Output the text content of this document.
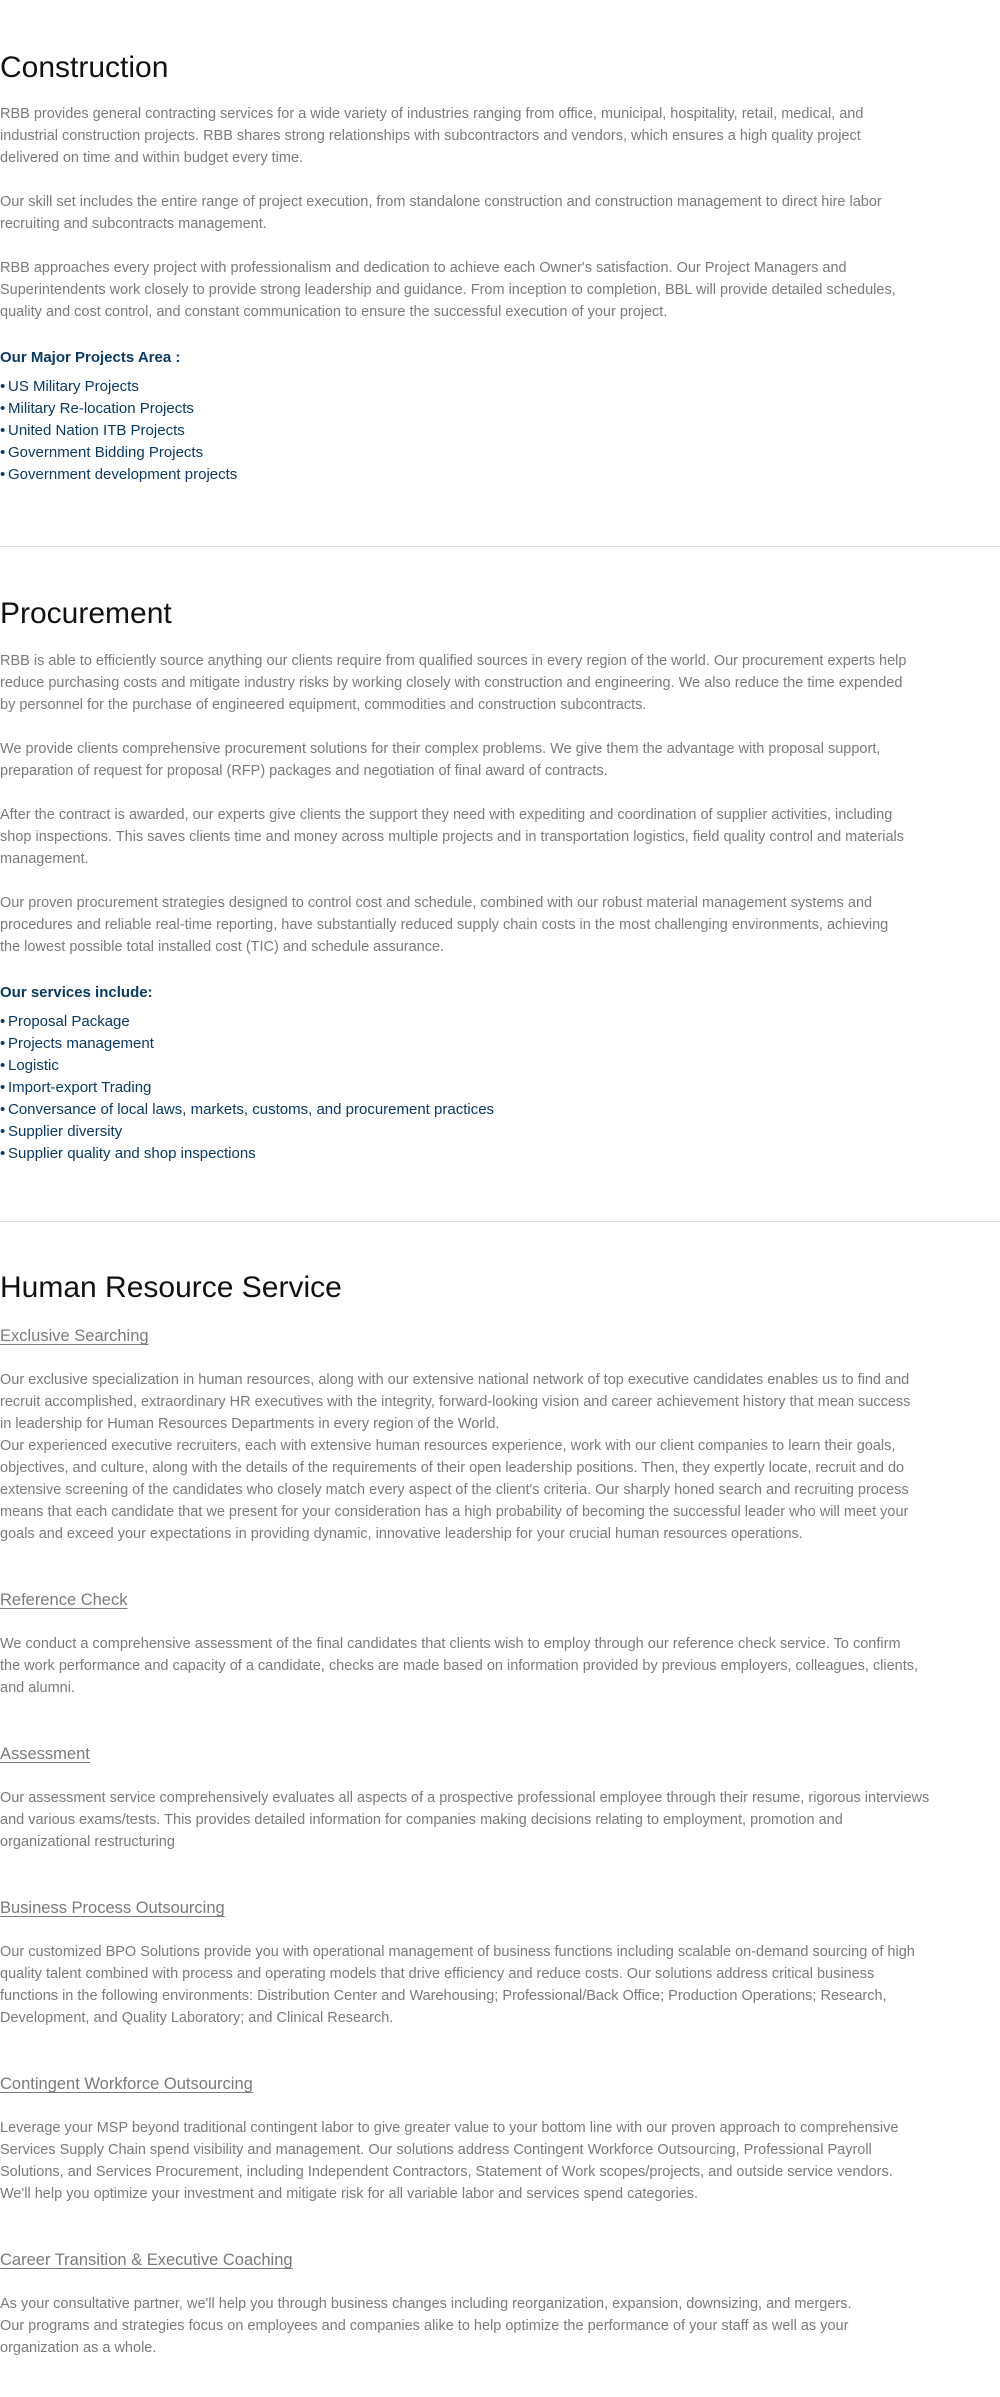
Construction

RBB provides general contracting services for a wide variety of industries ranging from office, municipal, hospitality, retail, medical, and
industrial construction projects. RBB shares strong relationships with subcontractors and vendors, which ensures a high quality project
delivered on time and within budget every time.

Our skill set includes the entire range of project execution, from standalone construction and construction management to direct hire labor
recruiting and subcontracts management.

RBB approaches every project with professionalism and dedication to achieve each Owner's satisfaction. Our Project Managers and
Superintendents work closely to provide strong leadership and guidance. From inception to completion, BBL will provide detailed schedules,
quality and cost control, and constant communication to ensure the successful execution of your project.

Our Major Projects Area :

• US Military Projects
• Military Re-location Projects
• United Nation ITB Projects
• Government Bidding Projects
• Government development projects
Procurement

RBB is able to efficiently source anything our clients require from qualified sources in every region of the world. Our procurement experts help
reduce purchasing costs and mitigate industry risks by working closely with construction and engineering. We also reduce the time expended
by personnel for the purchase of engineered equipment, commodities and construction subcontracts.

We provide clients comprehensive procurement solutions for their complex problems. We give them the advantage with proposal support,
preparation of request for proposal (RFP) packages and negotiation of final award of contracts.

After the contract is awarded, our experts give clients the support they need with expediting and coordination of supplier activities, including
shop inspections. This saves clients time and money across multiple projects and in transportation logistics, field quality control and materials
management.

Our proven procurement strategies designed to control cost and schedule, combined with our robust material management systems and
procedures and reliable real-time reporting, have substantially reduced supply chain costs in the most challenging environments, achieving
the lowest possible total installed cost (TIC) and schedule assurance.

Our services include:

• Proposal Package
• Projects management
• Logistic
• Import-export Trading
• Conversance of local laws, markets, customs, and procurement practices
• Supplier diversity
• Supplier quality and shop inspections
Human Resource Service
Exclusive Searching

Our exclusive specialization in human resources, along with our extensive national network of top executive candidates enables us to find and
recruit accomplished, extraordinary HR executives with the integrity, forward-looking vision and career achievement history that mean success
in leadership for Human Resources Departments in every region of the World.
Our experienced executive recruiters, each with extensive human resources experience, work with our client companies to learn their goals,
objectives, and culture, along with the details of the requirements of their open leadership positions. Then, they expertly locate, recruit and do
extensive screening of the candidates who closely match every aspect of the client's criteria. Our sharply honed search and recruiting process
means that each candidate that we present for your consideration has a high probability of becoming the successful leader who will meet your
goals and exceed your expectations in providing dynamic, innovative leadership for your crucial human resources operations.

Reference Check

We conduct a comprehensive assessment of the final candidates that clients wish to employ through our reference check service. To confirm
the work performance and capacity of a candidate, checks are made based on information provided by previous employers, colleagues, clients,
and alumni.

Assessment

Our assessment service comprehensively evaluates all aspects of a prospective professional employee through their resume, rigorous interviews
and various exams/tests. This provides detailed information for companies making decisions relating to employment, promotion and
organizational restructuring

Business Process Outsourcing

Our customized BPO Solutions provide you with operational management of business functions including scalable on-demand sourcing of high
quality talent combined with process and operating models that drive efficiency and reduce costs. Our solutions address critical business
functions in the following environments: Distribution Center and Warehousing; Professional/Back Office; Production Operations; Research,
Development, and Quality Laboratory; and Clinical Research.

Contingent Workforce Outsourcing

Leverage your MSP beyond traditional contingent labor to give greater value to your bottom line with our proven approach to comprehensive
Services Supply Chain spend visibility and management. Our solutions address Contingent Workforce Outsourcing, Professional Payroll
Solutions, and Services Procurement, including Independent Contractors, Statement of Work scopes/projects, and outside service vendors.
We'll help you optimize your investment and mitigate risk for all variable labor and services spend categories.

Career Transition & Executive Coaching

As your consultative partner, we'll help you through business changes including reorganization, expansion, downsizing, and mergers.
Our programs and strategies focus on employees and companies alike to help optimize the performance of your staff as well as your
organization as a whole.
